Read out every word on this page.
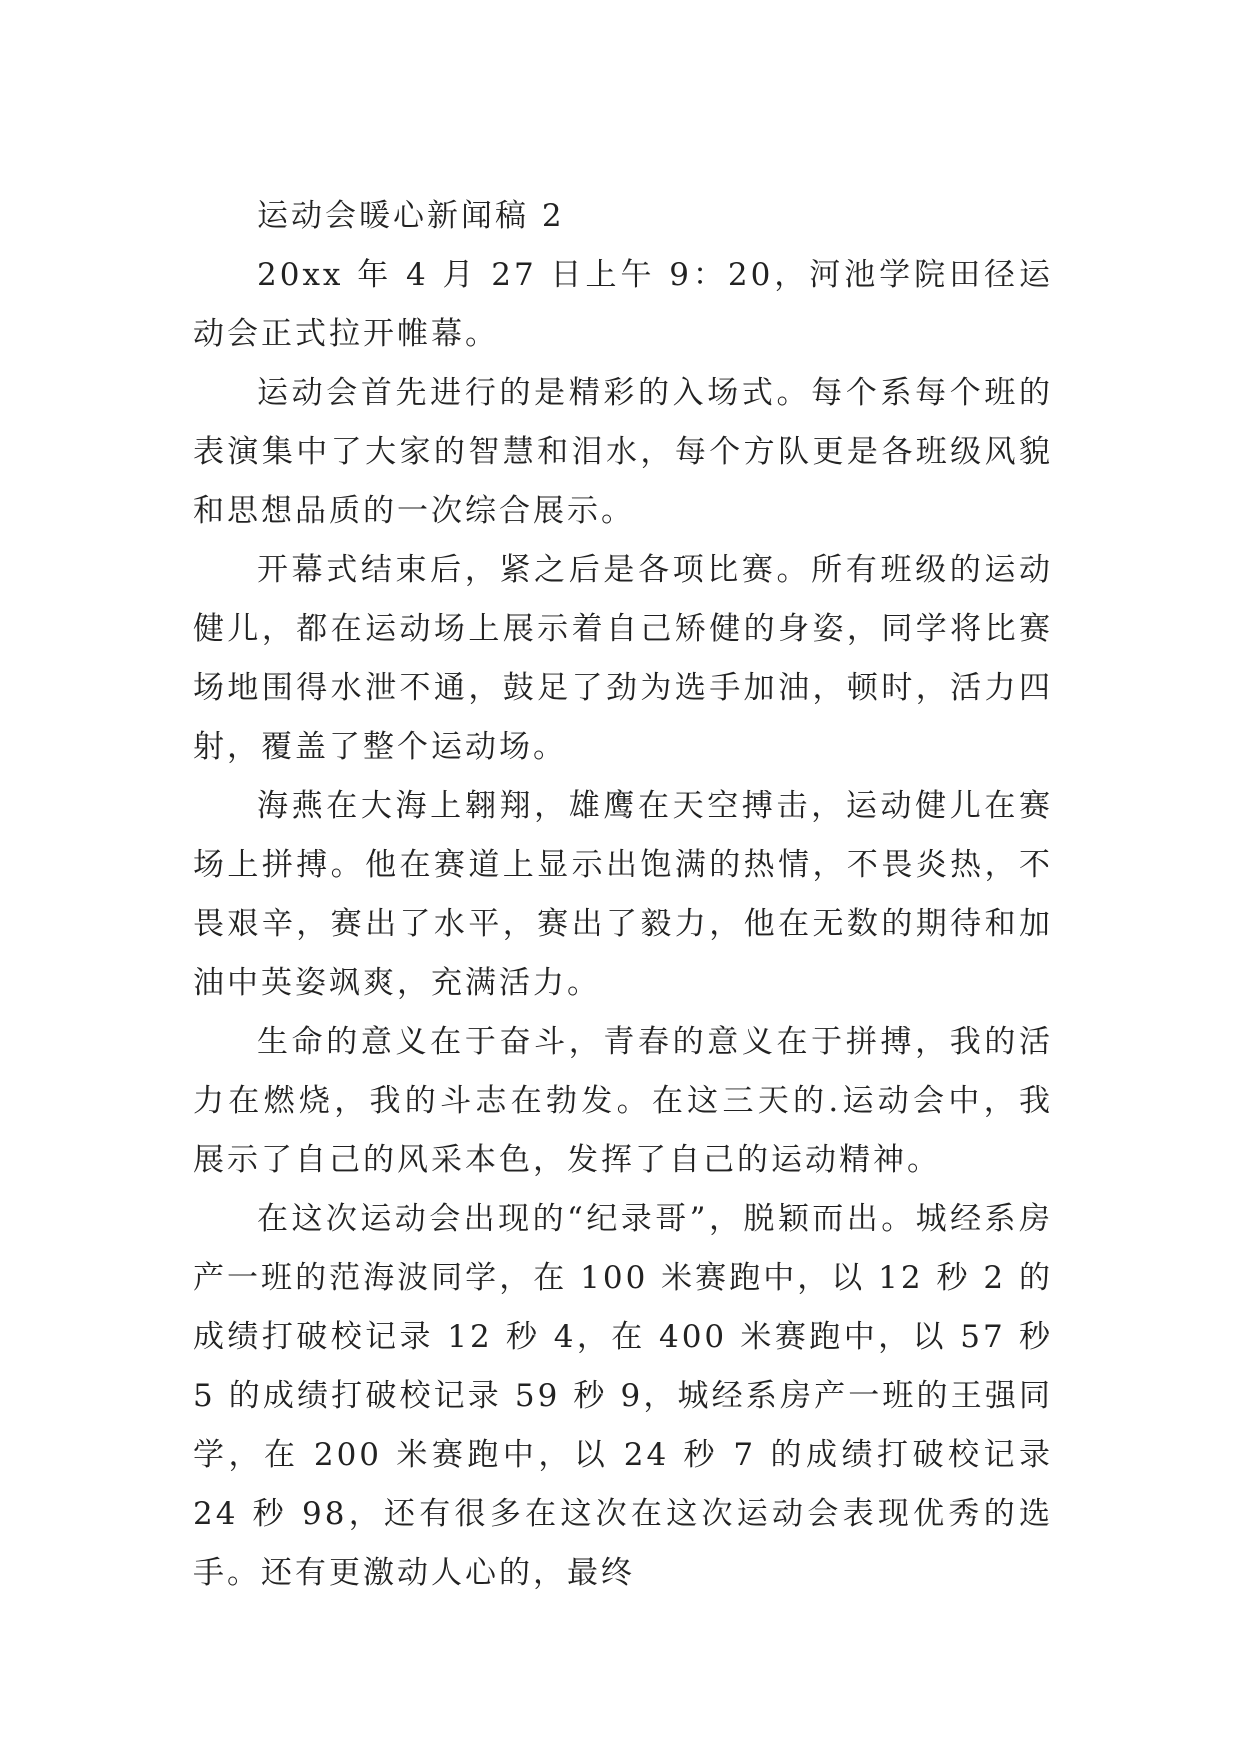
运动会暖心新闻稿 2

20xx 年 4 月 27 日上午 9：20，河池学院田径运动会正式拉开帷幕。

运动会首先进行的是精彩的入场式。每个系每个班的表演集中了大家的智慧和泪水，每个方队更是各班级风貌和思想品质的一次综合展示。

开幕式结束后，紧之后是各项比赛。所有班级的运动健儿，都在运动场上展示着自己矫健的身姿，同学将比赛场地围得水泄不通，鼓足了劲为选手加油，顿时，活力四射，覆盖了整个运动场。

海燕在大海上翱翔，雄鹰在天空搏击，运动健儿在赛场上拼搏。他在赛道上显示出饱满的热情，不畏炎热，不畏艰辛，赛出了水平，赛出了毅力，他在无数的期待和加油中英姿飒爽，充满活力。

生命的意义在于奋斗，青春的意义在于拼搏，我的活力在燃烧，我的斗志在勃发。在这三天的.运动会中，我展示了自己的风采本色，发挥了自己的运动精神。

在这次运动会出现的“纪录哥”，脱颖而出。城经系房产一班的范海波同学，在 100 米赛跑中，以 12 秒 2 的成绩打破校记录 12 秒 4，在 400 米赛跑中，以 57 秒 5 的成绩打破校记录 59 秒 9，城经系房产一班的王强同学，在 200 米赛跑中，以 24 秒 7 的成绩打破校记录 24 秒 98，还有很多在这次在这次运动会表现优秀的选手。还有更激动人心的，最终
